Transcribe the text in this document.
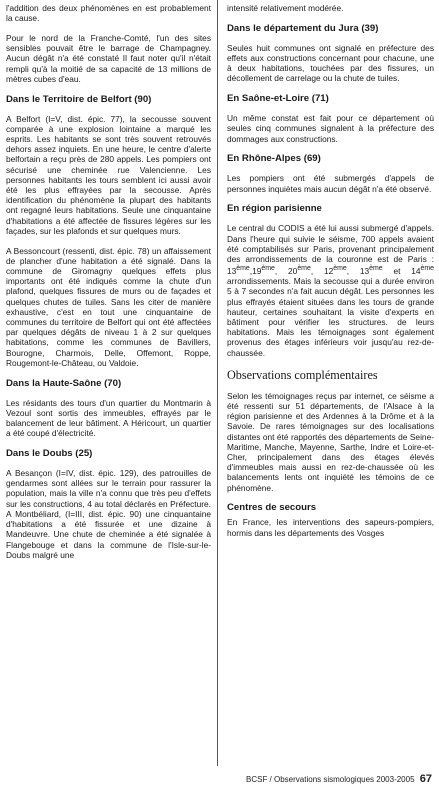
l'addition des deux phénomènes en est probablement la cause.

Pour le nord de la Franche-Comté, l'un des sites sensibles pouvait être le barrage de Champagney. Aucun dégât n'a été constaté Il faut noter qu'il n'était rempli qu'à la moitié de sa capacité de 13 millions de mètres cubes d'eau.

Dans le Territoire de Belfort (90)

A Belfort (I=V, dist. épic. 77), la secousse souvent comparée à une explosion lointaine a marqué les esprits. Les habitants se sont très souvent retrouvés dehors assez inquiets. En une heure, le centre d'alerte belfortain a reçu près de 280 appels. Les pompiers ont sécurisé une cheminée rue Valencienne. Les personnes habitants les tours semblent ici aussi avoir été les plus effrayées par la secousse. Après identification du phénomène la plupart des habitants ont regagné leurs habitations. Seule une cinquantaine d'habitations a été affectée de fissures légères sur les façades, sur les plafonds et sur quelques murs.

A Bessoncourt (ressenti, dist. épic. 78) un affaissement de plancher d'une habitation a été signalé. Dans la commune de Giromagny quelques effets plus importants ont été indiqués comme la chute d'un plafond, quelques fissures de murs ou de façades et quelques chutes de tuiles. Sans les citer de manière exhaustive, c'est en tout une cinquantaine de communes du territoire de Belfort qui ont été affectées par quelques dégâts de niveau 1 à 2 sur quelques habitations, comme les communes de Bavillers, Bourogne, Charmois, Delle, Offemont, Roppe, Rougemont-le-Château, ou Valdoie.

Dans la Haute-Saône (70)

Les résidants des tours d'un quartier du Montmarin à Vezoul sont sortis des immeubles, effrayés par le balancement de leur bâtiment. A Héricourt, un quartier a été coupé d'électricité.

Dans le Doubs (25)

A Besançon (I=IV, dist. épic. 129), des patrouilles de gendarmes sont allées sur le terrain pour rassurer la population, mais la ville n'a connu que très peu d'effets sur les constructions, 4 au total déclarés en Préfecture. A Montbéliard, (I=III, dist. épic. 90) une cinquantaine d'habitations a été fissurée et une dizaine à Mandeuvre. Une chute de cheminée a été signalée à Flangebouge et dans la commune de l'Isle-sur-le-Doubs malgré une

intensité relativement modérée.

Dans le département du Jura (39)

Seules huit communes ont signalé en préfecture des effets aux constructions concernant pour chacune, une à deux habitations, touchées par des fissures, un décollement de carrelage ou la chute de tuiles.

En Saône-et-Loire (71)

Un même constat est fait pour ce département où seules cinq communes signalent à la préfecture des dommages aux constructions.

En Rhône-Alpes (69)

Les pompiers ont été submergés d'appels de personnes inquiètes mais aucun dégât n'a été observé.

En région parisienne

Le central du CODIS a été lui aussi submergé d'appels. Dans l'heure qui suivie le séisme, 700 appels avaient été comptabilisés sur Paris, provenant principalement des arrondissements de la couronne est de Paris : 13ème,19ème, 20ème, 12ème, 13ème et 14ème arrondissements. Mais la secousse qui a durée environ 5 à 7 secondes n'a fait aucun dégât. Les personnes les plus effrayés étaient situées dans les tours de grande hauteur, certaines souhaitant la visite d'experts en bâtiment pour vérifier les structures. de leurs habitations. Mais les témoignages sont également provenus des étages inférieurs voir jusqu'au rez-de-chaussée.

Observations complémentaires

Selon les témoignages reçus par internet, ce séisme a été ressenti sur 51 départements, de l'Alsace à la région parisienne et des Ardennes à la Drôme et à la Savoie. De rares témoignages sur des localisations distantes ont été rapportés des départements de Seine-Maritime, Manche, Mayenne, Sarthe, Indre et Loire-et-Cher, principalement dans des étages élevés d'immeubles mais aussi en rez-de-chaussée où les balancements lents ont inquiété les témoins de ce phénomène.

Centres de secours

En France, les interventions des sapeurs-pompiers, hormis dans les départements des Vosges

BCSF / Observations sismologiques 2003-2005 67
